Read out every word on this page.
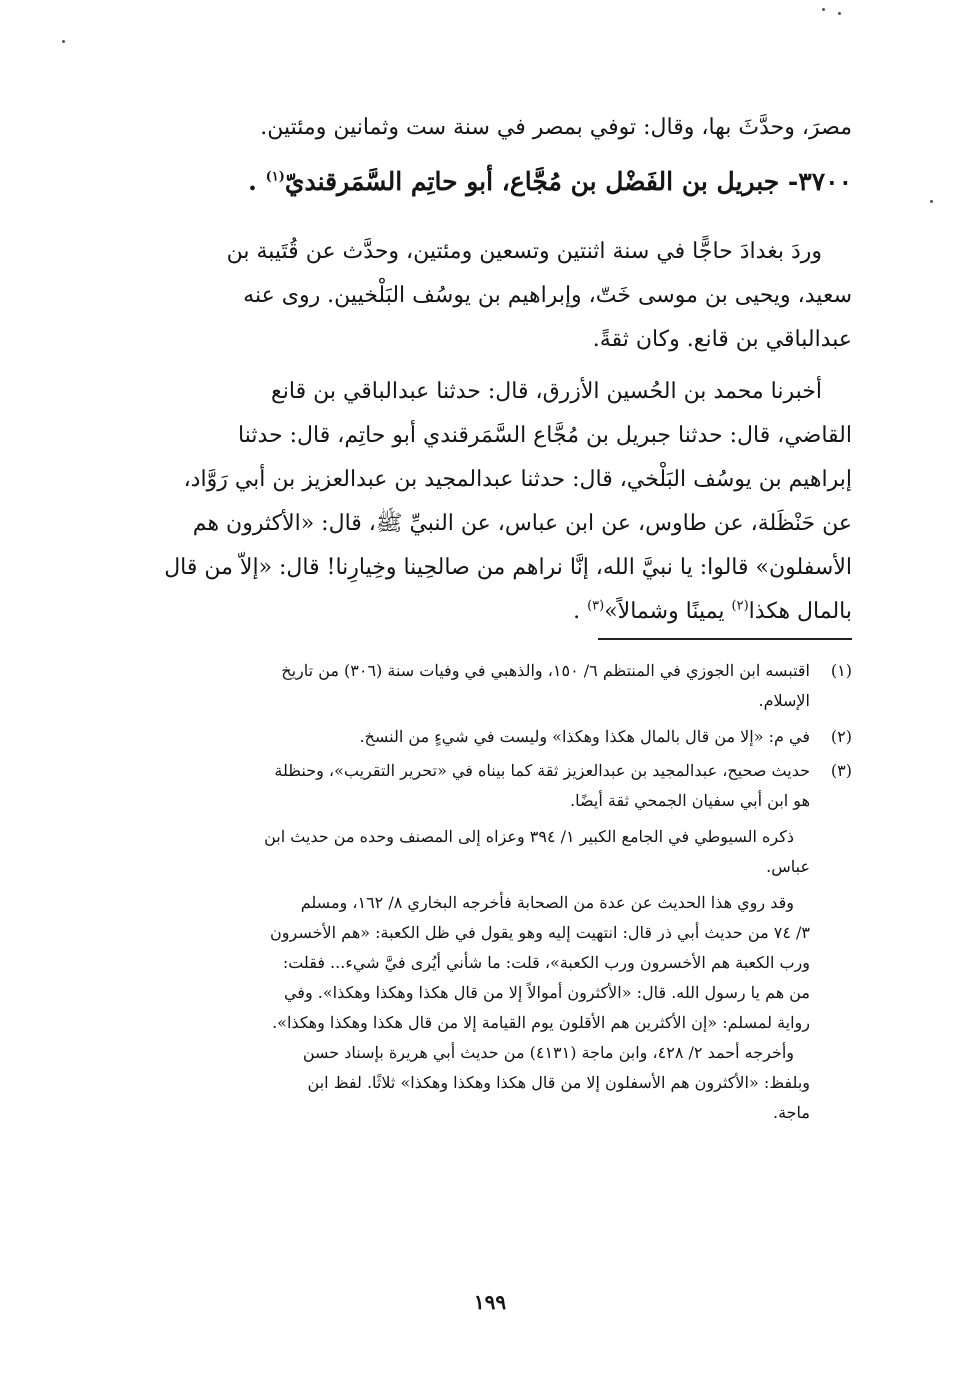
مصرَ، وحدَّثَ بها، وقال: توفي بمصر في سنة ست وثمانين ومئتين.

٣٧٠٠- جبريل بن الفَضْل بن مُجَّاع، أبو حاتِم السَّمَرقنديّ$^{(١)}$ .

وردَ بغدادَ حاجًّا في سنة اثنتين وتسعين ومئتين، وحدَّث عن قُتَيبة بن

سعيد، ويحيى بن موسى خَتّ، وإبراهيم بن يوسُف البَلْخيين. روى عنه

عبدالباقي بن قانع. وكان ثقةً.

أخبرنا محمد بن الحُسين الأزرق، قال: حدثنا عبدالباقي بن قانع

القاضي، قال: حدثنا جبريل بن مُجَّاع السَّمَرقندي أبو حاتِم، قال: حدثنا

إبراهيم بن يوسُف البَلْخي، قال: حدثنا عبدالمجيد بن عبدالعزيز بن أبي رَوَّاد،

عن حَنْظَلة، عن طاوس، عن ابن عباس، عن النبيِّ ﷺ، قال: «الأكثرون هم

الأسفلون» قالوا: يا نبيَّ الله، إنَّا نراهم من صالحِينا وخِيارِنا! قال: «إلاّ من قال

بالمال هكذا$^{(٢)}$ يمينًا وشمالاً»$^{(٣)}$ .

(١)

اقتبسه ابن الجوزي في المنتظم ٦/ ١٥٠، والذهبي في وفيات سنة (٣٠٦) من تاريخ

الإسلام.

(٢)

في م: «إلا من قال بالمال هكذا وهكذا» وليست في شيءٍ من النسخ.

(٣)

حديث صحيح، عبدالمجيد بن عبدالعزيز ثقة كما بيناه في «تحرير التقريب»، وحنظلة

هو ابن أبي سفيان الجمحي ثقة أيضًا.

ذكره السيوطي في الجامع الكبير ١/ ٣٩٤ وعزاه إلى المصنف وحده من حديث ابن

عباس.

وقد روي هذا الحديث عن عدة من الصحابة فأخرجه البخاري ٨/ ١٦٢، ومسلم

٣/ ٧٤ من حديث أبي ذر قال: انتهيت إليه وهو يقول في ظل الكعبة: «هم الأخسرون

ورب الكعبة هم الأخسرون ورب الكعبة»، قلت: ما شأني أيُرى فيَّ شيء... فقلت:

من هم يا رسول الله. قال: «الأكثرون أموالاً إلا من قال هكذا وهكذا وهكذا». وفي

رواية لمسلم: «إن الأكثرين هم الأقلون يوم القيامة إلا من قال هكذا وهكذا وهكذا».

وأخرجه أحمد ٢/ ٤٢٨، وابن ماجة (٤١٣١) من حديث أبي هريرة بإسناد حسن

وبلفظ: «الأكثرون هم الأسفلون إلا من قال هكذا وهكذا وهكذا» ثلاثًا. لفظ ابن

ماجة.

١٩٩
